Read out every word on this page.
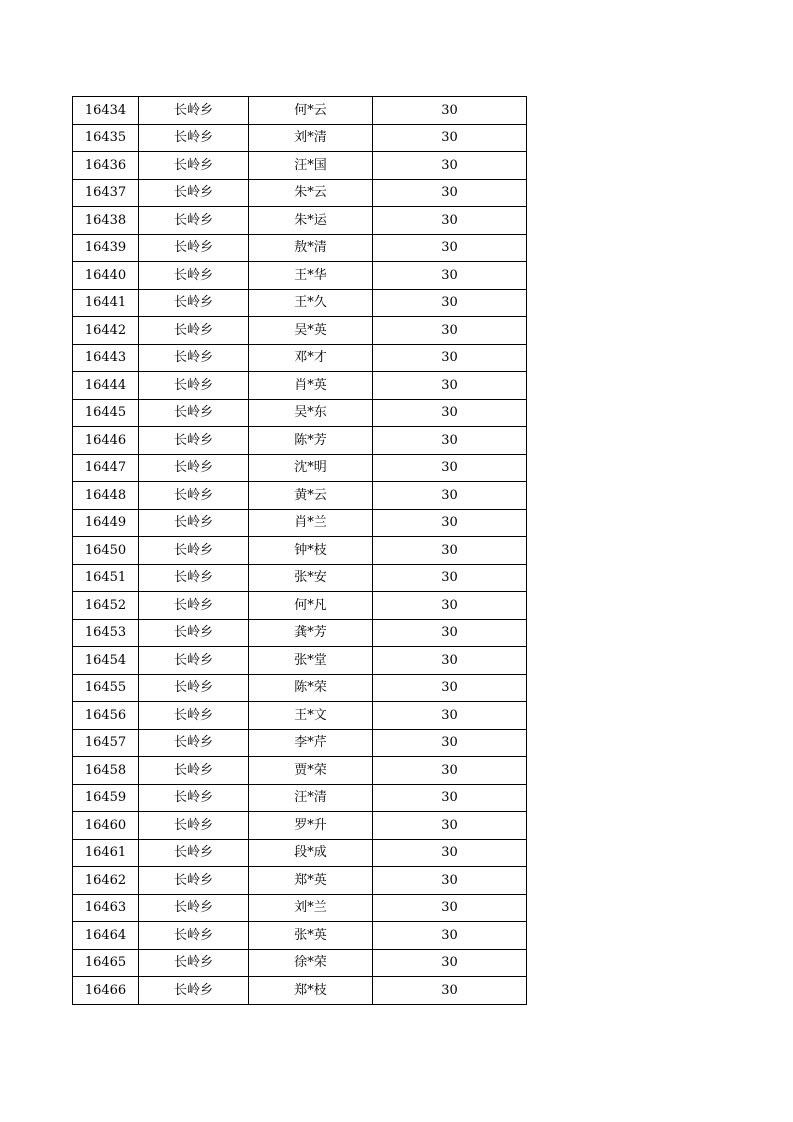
16434	长岭乡	何*云	30
16435	长岭乡	刘*清	30
16436	长岭乡	汪*国	30
16437	长岭乡	朱*云	30
16438	长岭乡	朱*运	30
16439	长岭乡	敖*清	30
16440	长岭乡	王*华	30
16441	长岭乡	王*久	30
16442	长岭乡	吴*英	30
16443	长岭乡	邓*才	30
16444	长岭乡	肖*英	30
16445	长岭乡	吴*东	30
16446	长岭乡	陈*芳	30
16447	长岭乡	沈*明	30
16448	长岭乡	黄*云	30
16449	长岭乡	肖*兰	30
16450	长岭乡	钟*枝	30
16451	长岭乡	张*安	30
16452	长岭乡	何*凡	30
16453	长岭乡	龚*芳	30
16454	长岭乡	张*堂	30
16455	长岭乡	陈*荣	30
16456	长岭乡	王*文	30
16457	长岭乡	李*芹	30
16458	长岭乡	贾*荣	30
16459	长岭乡	汪*清	30
16460	长岭乡	罗*升	30
16461	长岭乡	段*成	30
16462	长岭乡	郑*英	30
16463	长岭乡	刘*兰	30
16464	长岭乡	张*英	30
16465	长岭乡	徐*荣	30
16466	长岭乡	郑*枝	30
